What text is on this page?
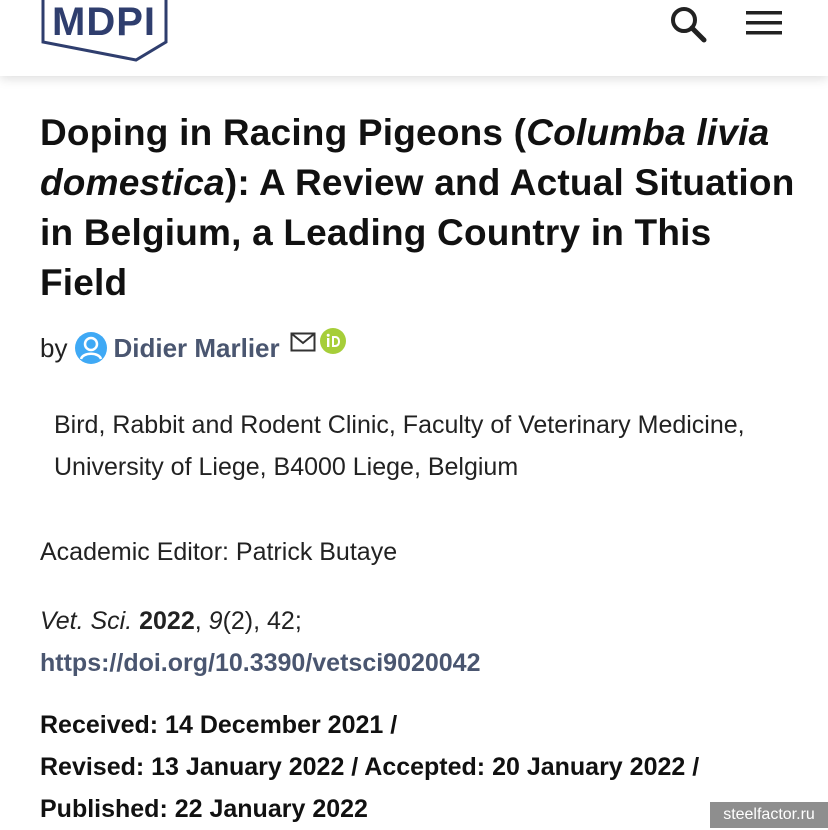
MDPI
Doping in Racing Pigeons (Columba livia domestica): A Review and Actual Situation in Belgium, a Leading Country in This Field
by Didier Marlier
Bird, Rabbit and Rodent Clinic, Faculty of Veterinary Medicine, University of Liege, B4000 Liege, Belgium
Academic Editor: Patrick Butaye
Vet. Sci. 2022, 9(2), 42;
https://doi.org/10.3390/vetsci9020042
Received: 14 December 2021 /
Revised: 13 January 2022 / Accepted: 20 January 2022 /
Published: 22 January 2022	steelfactor.ru
